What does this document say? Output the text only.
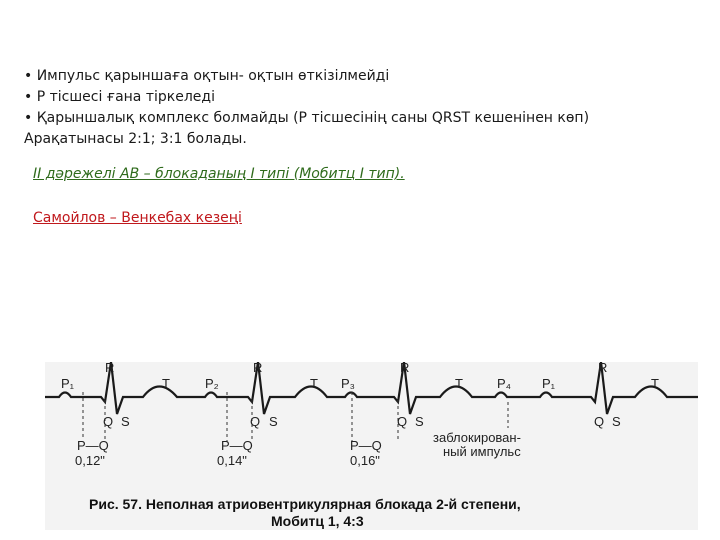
• Импульс қарыншаға оқтын- оқтын өткізілмейді
• Р тісшесі ғана тіркеледі
• Қарыншалық комплекс болмайды (Р тісшесінің саны QRST кешенінен көп)
Арақатынасы 2:1; 3:1 болады.
II дәрежелі АВ – блокаданың I типі (Мобитц I тип).
Самойлов – Венкебах кезеңі
P₁
R
T
Q S
P₂
R
T
Q S
P₃
R
T
Q S
P₄ P₁
R
T
Q S
P—Q
0,12"
P—Q
0,14"
P—Q
0,16"
заблокирован-
ный импульс
Рис. 57. Неполная атриовентрикулярная блокада 2-й степени,
Мобитц 1, 4:3
